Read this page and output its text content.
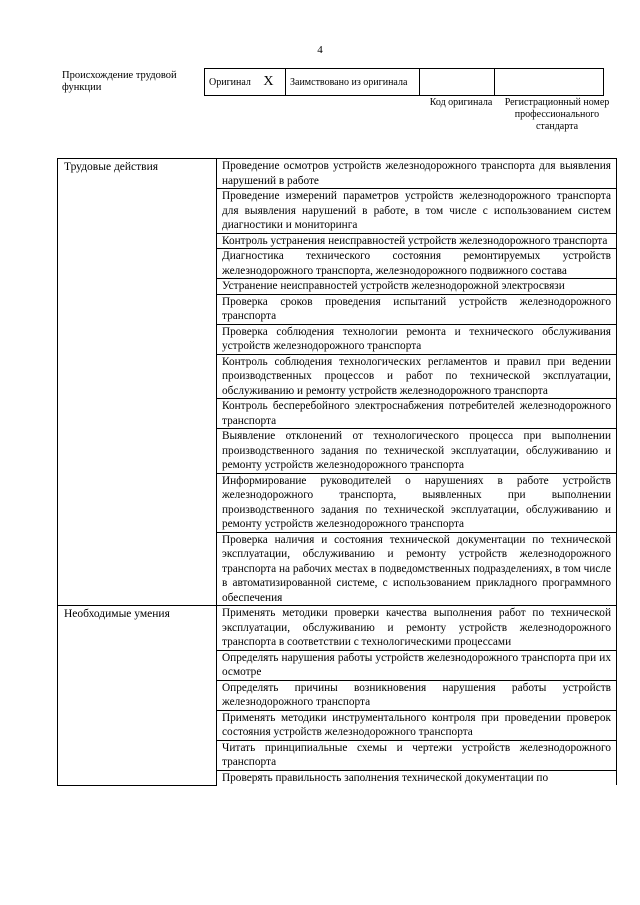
4
Происхождение трудовой функции	Оригинал X	Заимствовано из оригинала		
Код оригинала Регистрационный номер профессионального стандарта
Трудовые действия	Проведение осмотров устройств железнодорожного транспорта для выявления нарушений в работе
	Проведение измерений параметров устройств железнодорожного транспорта для выявления нарушений в работе, в том числе с использованием систем диагностики и мониторинга
	Контроль устранения неисправностей устройств железнодорожного транспорта
	Диагностика технического состояния ремонтируемых устройств железнодорожного транспорта, железнодорожного подвижного состава
	Устранение неисправностей устройств железнодорожной электросвязи
	Проверка сроков проведения испытаний устройств железнодорожного транспорта
	Проверка соблюдения технологии ремонта и технического обслуживания устройств железнодорожного транспорта
	Контроль соблюдения технологических регламентов и правил при ведении производственных процессов и работ по технической эксплуатации, обслуживанию и ремонту устройств железнодорожного транспорта
	Контроль бесперебойного электроснабжения потребителей железнодорожного транспорта
	Выявление отклонений от технологического процесса при выполнении производственного задания по технической эксплуатации, обслуживанию и ремонту устройств железнодорожного транспорта
	Информирование руководителей о нарушениях в работе устройств железнодорожного транспорта, выявленных при выполнении производственного задания по технической эксплуатации, обслуживанию и ремонту устройств железнодорожного транспорта
	Проверка наличия и состояния технической документации по технической эксплуатации, обслуживанию и ремонту устройств железнодорожного транспорта на рабочих местах в подведомственных подразделениях, в том числе в автоматизированной системе, с использованием прикладного программного обеспечения
Необходимые умения	Применять методики проверки качества выполнения работ по технической эксплуатации, обслуживанию и ремонту устройств железнодорожного транспорта в соответствии с технологическими процессами
	Определять нарушения работы устройств железнодорожного транспорта при их осмотре
	Определять причины возникновения нарушения работы устройств железнодорожного транспорта
	Применять методики инструментального контроля при проведении проверок состояния устройств железнодорожного транспорта
	Читать принципиальные схемы и чертежи устройств железнодорожного транспорта
	Проверять правильность заполнения технической документации по
